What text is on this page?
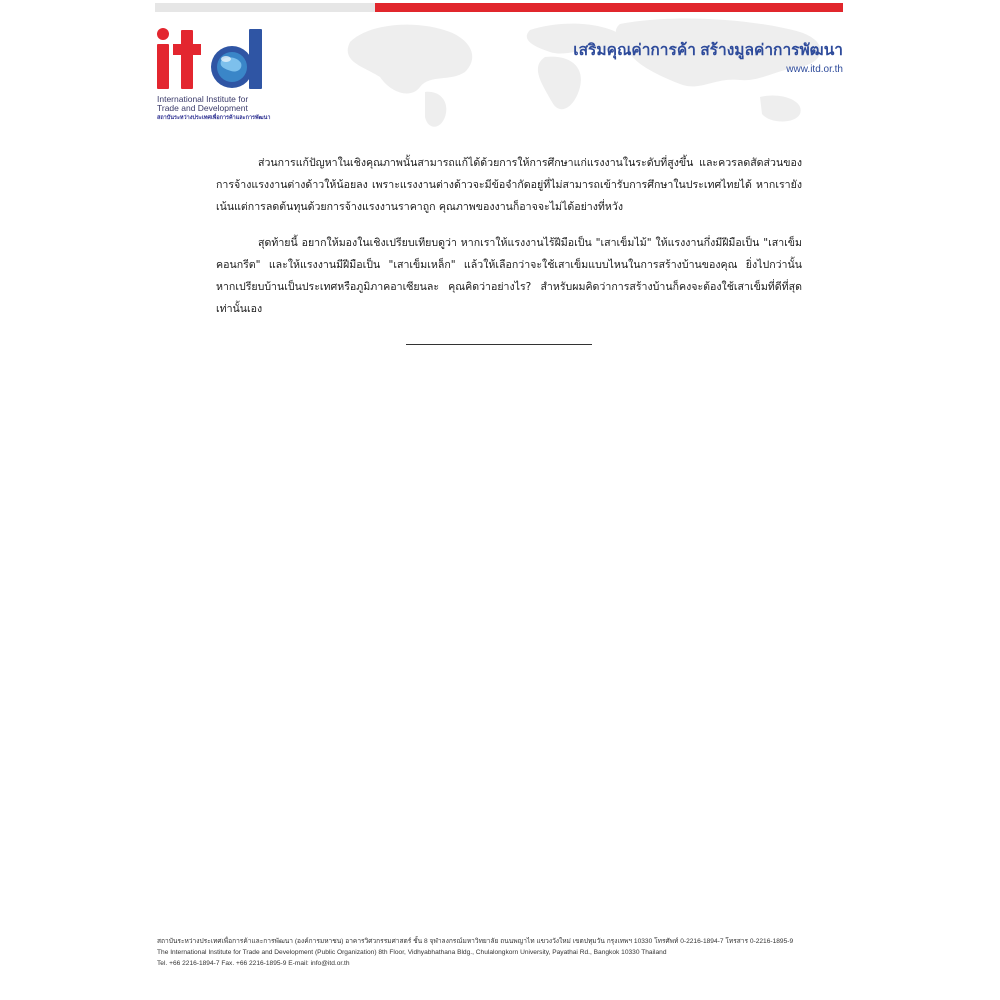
International Institute for
Trade and Development
สถาบันระหว่างประเทศเพื่อการค้าและการพัฒนา
เสริมคุณค่าการค้า สร้างมูลค่าการพัฒนา
www.itd.or.th

ส่วนการแก้ปัญหาในเชิงคุณภาพนั้นสามารถแก้ได้ด้วยการให้การศึกษาแก่แรงงานในระดับที่สูงขึ้น และควรลดสัดส่วนของการจ้างแรงงานต่างด้าวให้น้อยลง เพราะแรงงานต่างด้าวจะมีข้อจำกัดอยู่ที่ไม่สามารถเข้ารับการศึกษาในประเทศไทยได้ หากเรายังเน้นแต่การลดต้นทุนด้วยการจ้างแรงงานราคาถูก คุณภาพของงานก็อาจจะไม่ได้อย่างที่หวัง

สุดท้ายนี้ อยากให้มองในเชิงเปรียบเทียบดูว่า หากเราให้แรงงานไร้ฝีมือเป็น "เสาเข็มไม้" ให้แรงงานกึ่งมีฝีมือเป็น "เสาเข็มคอนกรีต" และให้แรงงานมีฝีมือเป็น "เสาเข็มเหล็ก" แล้วให้เลือกว่าจะใช้เสาเข็มแบบไหนในการสร้างบ้านของคุณ ยิ่งไปกว่านั้น หากเปรียบบ้านเป็นประเทศหรือภูมิภาคอาเซียนละ คุณคิดว่าอย่างไร? สำหรับผมคิดว่าการสร้างบ้านก็คงจะต้องใช้เสาเข็มที่ดีที่สุดเท่านั้นเอง

สถาบันระหว่างประเทศเพื่อการค้าและการพัฒนา (องค์การมหาชน) อาคารวิศวกรรมศาสตร์ ชั้น 8 จุฬาลงกรณ์มหาวิทยาลัย ถนนพญาไท แขวงวังใหม่ เขตปทุมวัน กรุงเทพฯ 10330 โทรศัพท์ 0-2216-1894-7 โทรสาร 0-2216-1895-9
The International Institute for Trade and Development (Public Organization) 8th Floor, Vidhyabhathana Bldg., Chulalongkorn University, Payathai Rd., Bangkok 10330 Thailand
Tel. +66 2216-1894-7 Fax. +66 2216-1895-9 E-mail: info@itd.or.th
